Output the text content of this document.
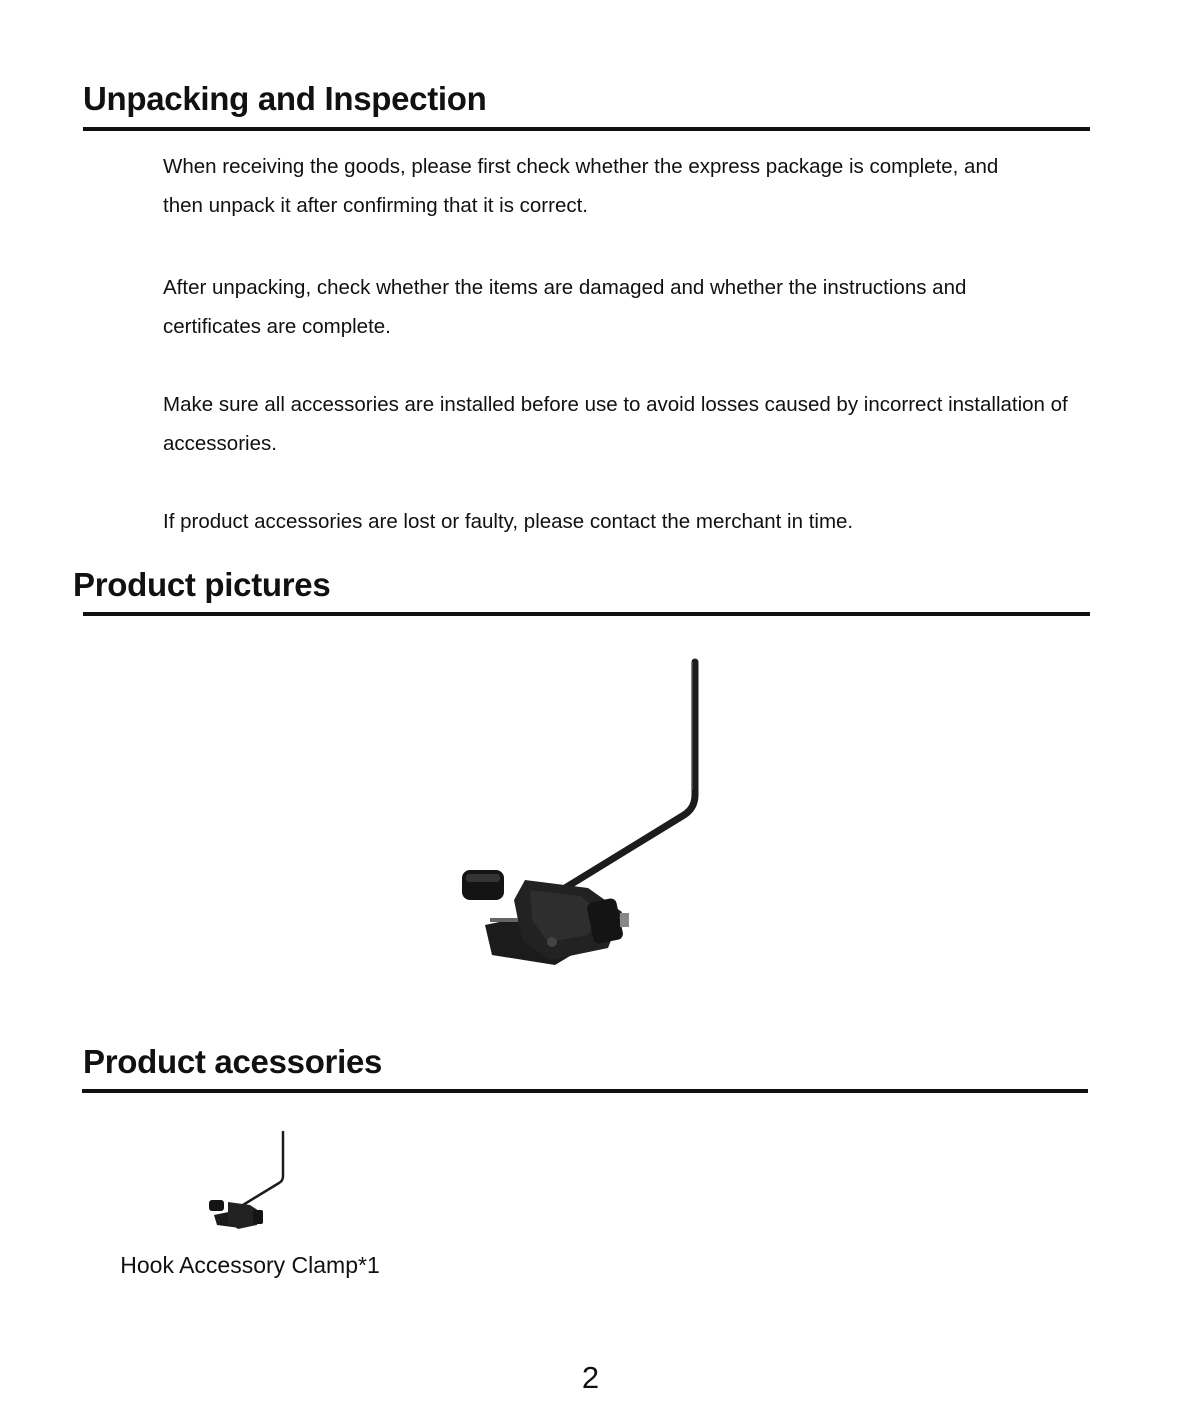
Unpacking and Inspection

When receiving the goods, please first check whether the express package is complete, and then unpack it after confirming that it is correct.

After unpacking, check whether the items are damaged and whether the instructions and certificates are complete.

Make sure all accessories are installed before use to avoid losses caused by incorrect installation of accessories.

If product accessories are lost or faulty, please contact the merchant in time.

Product pictures
Product acessories
Hook Accessory Clamp*1
2
